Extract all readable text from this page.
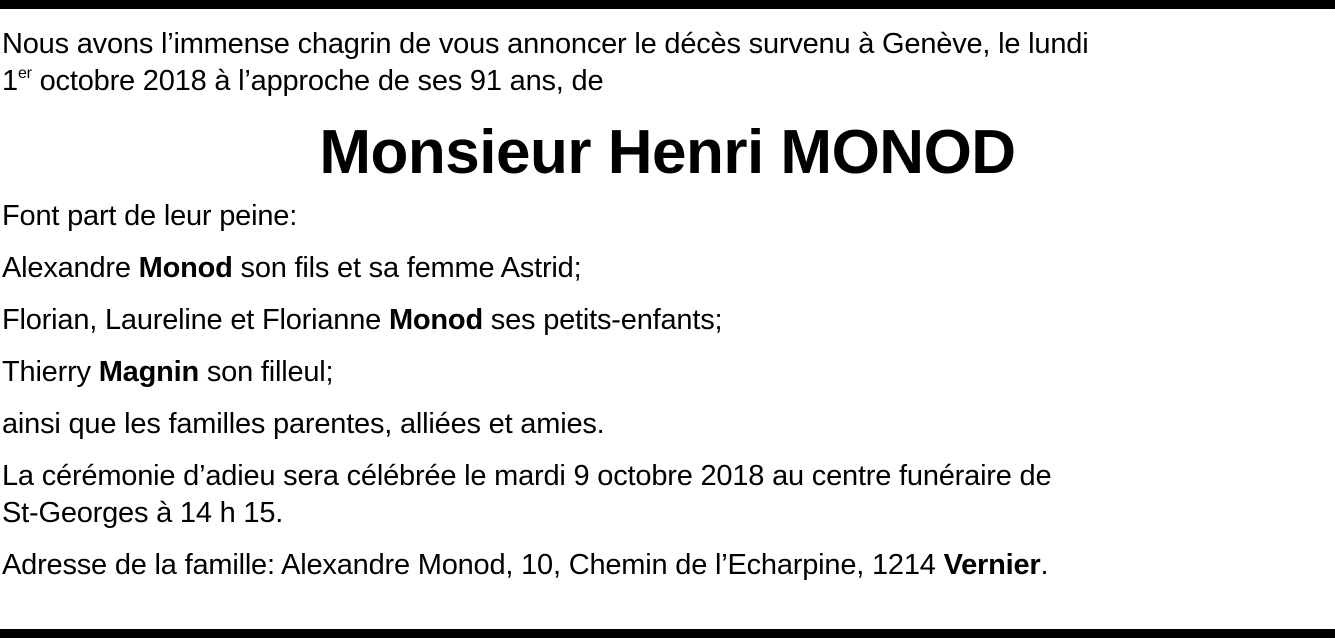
Nous avons l’immense chagrin de vous annoncer le décès survenu à Genève, le lundi
1er octobre 2018 à l’approche de ses 91 ans, de

Monsieur Henri MONOD

Font part de leur peine:

Alexandre Monod son fils et sa femme Astrid;

Florian, Laureline et Florianne Monod ses petits-enfants;

Thierry Magnin son filleul;

ainsi que les familles parentes, alliées et amies.

La cérémonie d’adieu sera célébrée le mardi 9 octobre 2018 au centre funéraire de
St-Georges à 14 h 15.

Adresse de la famille: Alexandre Monod, 10, Chemin de l’Echarpine, 1214 Vernier.
